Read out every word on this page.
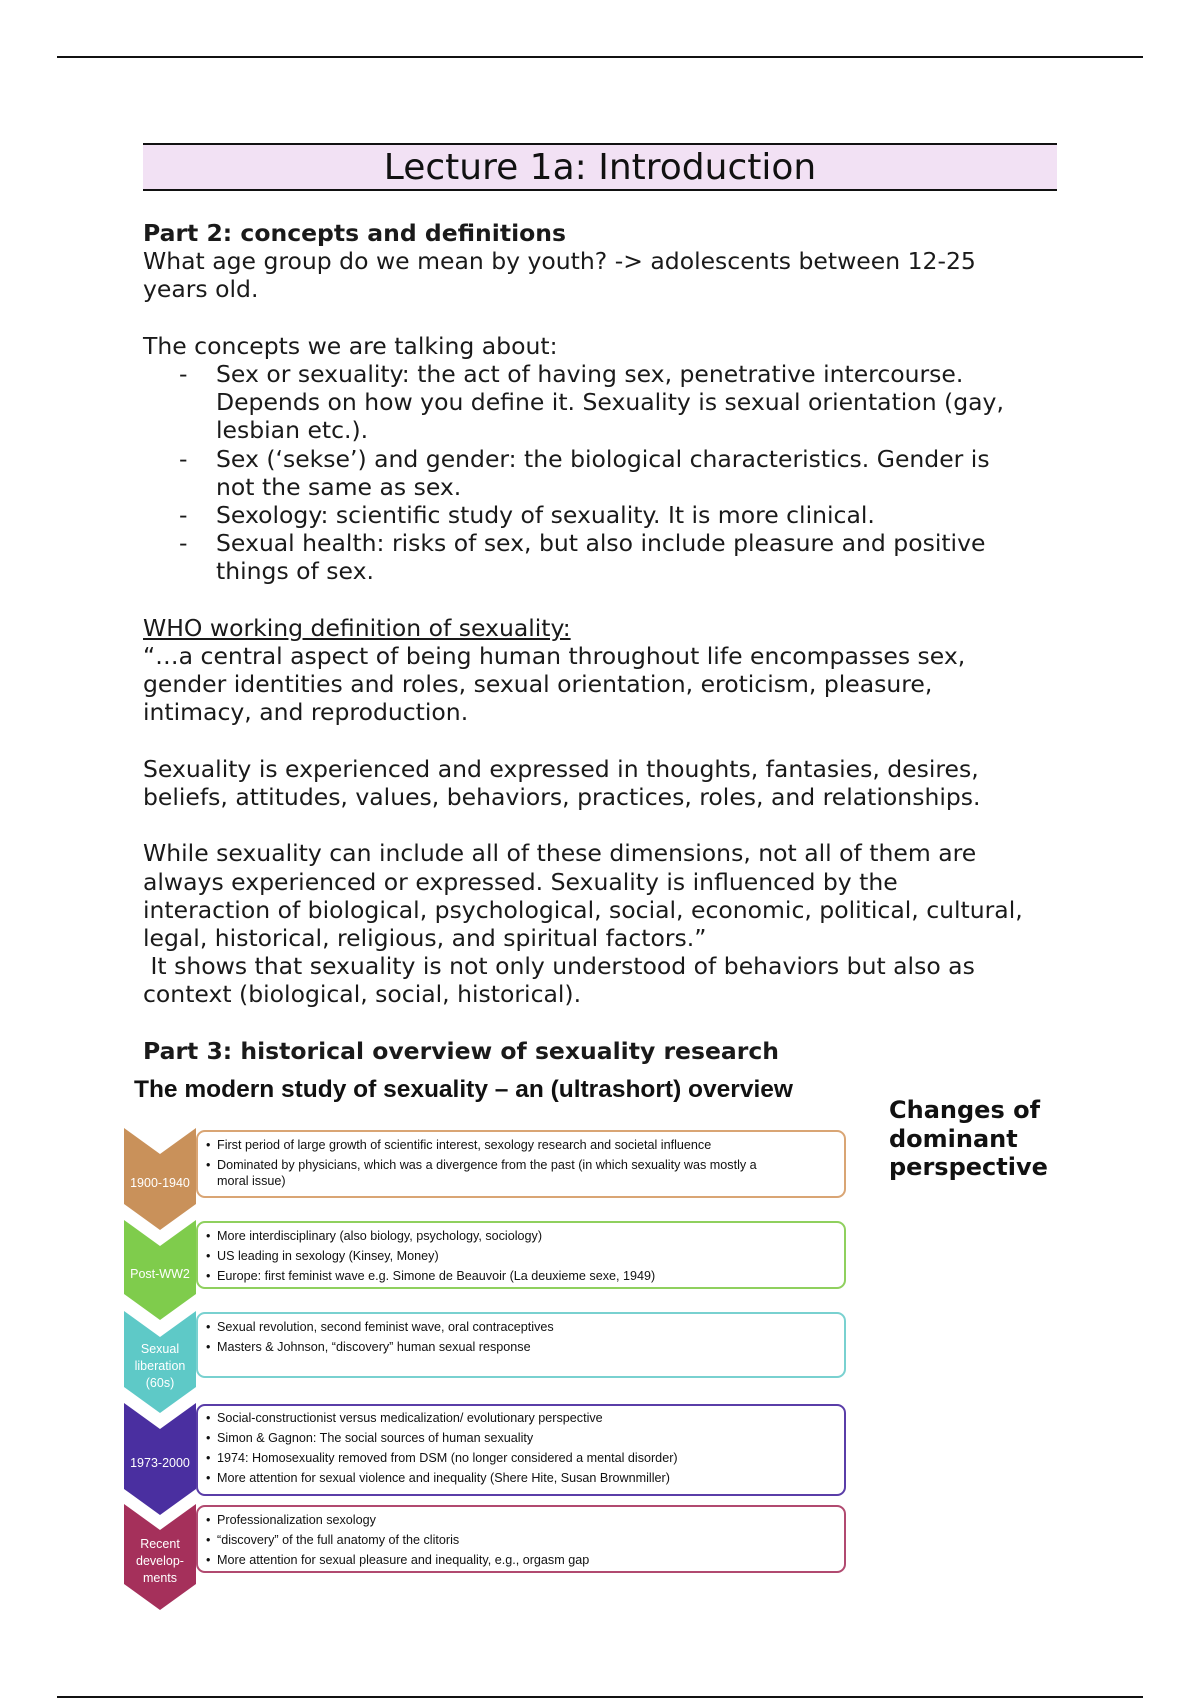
Lecture 1a: Introduction

Part 2: concepts and definitions

What age group do we mean by youth? -> adolescents between 12-25

years old.

The concepts we are talking about:

- Sex or sexuality: the act of having sex, penetrative intercourse.

Depends on how you define it. Sexuality is sexual orientation (gay,

lesbian etc.).

- Sex (‘sekse’) and gender: the biological characteristics. Gender is

not the same as sex.

- Sexology: scientific study of sexuality. It is more clinical.

- Sexual health: risks of sex, but also include pleasure and positive

things of sex.

WHO working definition of sexuality:

“…a central aspect of being human throughout life encompasses sex,

gender identities and roles, sexual orientation, eroticism, pleasure,

intimacy, and reproduction.

Sexuality is experienced and expressed in thoughts, fantasies, desires,

beliefs, attitudes, values, behaviors, practices, roles, and relationships.

While sexuality can include all of these dimensions, not all of them are

always experienced or expressed. Sexuality is influenced by the

interaction of biological, psychological, social, economic, political, cultural,

legal, historical, religious, and spiritual factors.”

It shows that sexuality is not only understood of behaviors but also as

context (biological, social, historical).

Part 3: historical overview of sexuality research

The modern study of sexuality – an (ultrashort) overview
Changes of dominant perspective
1900-1940
• First period of large growth of scientific interest, sexology research and societal influence
• Dominated by physicians, which was a divergence from the past (in which sexuality was mostly a
moral issue)
Post-WW2
• More interdisciplinary (also biology, psychology, sociology)
• US leading in sexology (Kinsey, Money)
• Europe: first feminist wave e.g. Simone de Beauvoir (La deuxieme sexe, 1949)
Sexual
liberation
(60s)
• Sexual revolution, second feminist wave, oral contraceptives
• Masters & Johnson, “discovery” human sexual response
1973-2000
• Social-constructionist versus medicalization/ evolutionary perspective
• Simon & Gagnon: The social sources of human sexuality
• 1974: Homosexuality removed from DSM (no longer considered a mental disorder)
• More attention for sexual violence and inequality (Shere Hite, Susan Brownmiller)
Recent
develop-
ments
• Professionalization sexology
• “discovery” of the full anatomy of the clitoris
• More attention for sexual pleasure and inequality, e.g., orgasm gap
